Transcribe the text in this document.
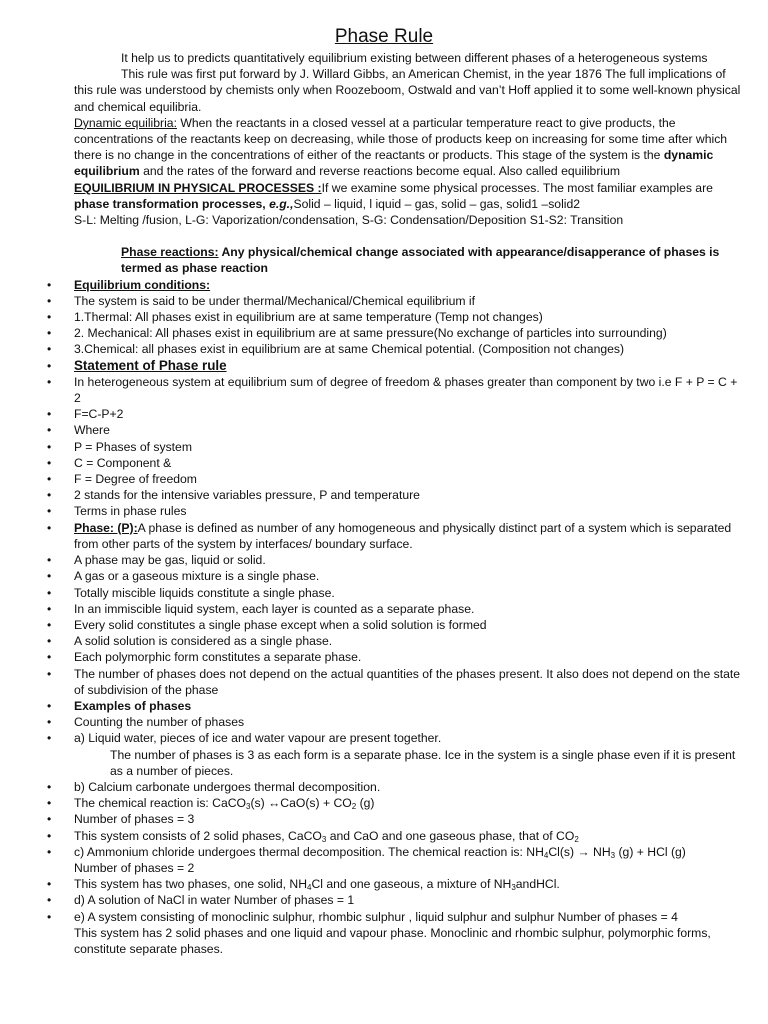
Phase Rule

It help us to predicts quantitatively equilibrium existing between different phases of a heterogeneous systems

This rule was first put forward by J. Willard Gibbs, an American Chemist, in the year 1876 The full implications of this rule was understood by chemists only when Roozeboom, Ostwald and van’t Hoff applied it to some well-known physical and chemical equilibria.

Dynamic equilibria: When the reactants in a closed vessel at a particular temperature react to give products, the concentrations of the reactants keep on decreasing, while those of products keep on increasing for some time after which there is no change in the concentrations of either of the reactants or products. This stage of the system is the dynamic equilibrium and the rates of the forward and reverse reactions become equal. Also called equilibrium

EQUILIBRIUM IN PHYSICAL PROCESSES :If we examine some physical processes. The most familiar examples are phase transformation processes, e.g.,Solid – liquid, l iquid – gas, solid – gas, solid1 –solid2

S-L: Melting /fusion, L-G: Vaporization/condensation, S-G: Condensation/Deposition S1-S2: Transition

Phase reactions: Any physical/chemical change associated with appearance/disapperance of phases is termed as phase reaction

• Equilibrium conditions:
• The system is said to be under thermal/Mechanical/Chemical equilibrium if
• 1.Thermal: All phases exist in equilibrium are at same temperature (Temp not changes)
• 2. Mechanical: All phases exist in equilibrium are at same pressure(No exchange of particles into surrounding)
• 3.Chemical: all phases exist in equilibrium are at same Chemical potential. (Composition not changes)
• Statement of Phase rule
• In heterogeneous system at equilibrium sum of degree of freedom & phases greater than component by two i.e F + P = C + 2
• F=C-P+2
• Where
• P = Phases of system
• C = Component &
• F = Degree of freedom
• 2 stands for the intensive variables pressure, P and temperature
• Terms in phase rules
• Phase: (P):A phase is defined as number of any homogeneous and physically distinct part of a system which is separated from other parts of the system by interfaces/ boundary surface.
• A phase may be gas, liquid or solid.
• A gas or a gaseous mixture is a single phase.
• Totally miscible liquids constitute a single phase.
• In an immiscible liquid system, each layer is counted as a separate phase.
• Every solid constitutes a single phase except when a solid solution is formed
• A solid solution is considered as a single phase.
• Each polymorphic form constitutes a separate phase.
• The number of phases does not depend on the actual quantities of the phases present. It also does not depend on the state of subdivision of the phase
• Examples of phases
• Counting the number of phases
• a) Liquid water, pieces of ice and water vapour are present together.
The number of phases is 3 as each form is a separate phase. Ice in the system is a single phase even if it is present as a number of pieces.
• b) Calcium carbonate undergoes thermal decomposition.
• The chemical reaction is: CaCO$_3$(s) ↔CaO(s) + $CO_2$ (g)
• Number of phases = 3
• This system consists of 2 solid phases, CaCO$_3$ and CaO and one gaseous phase, that of $CO_2$
• c) Ammonium chloride undergoes thermal decomposition. The chemical reaction is: $NH_4Cl(s) \to NH_3$ (g) + HCl (g)
Number of phases = 2
• This system has two phases, one solid, $NH_4Cl$ and one gaseous, a mixture of $NH_3andHCl$.
• d) A solution of NaCl in water Number of phases = 1
• e) A system consisting of monoclinic sulphur, rhombic sulphur , liquid sulphur and sulphur Number of phases = 4
This system has 2 solid phases and one liquid and vapour phase. Monoclinic and rhombic sulphur, polymorphic forms, constitute separate phases.
